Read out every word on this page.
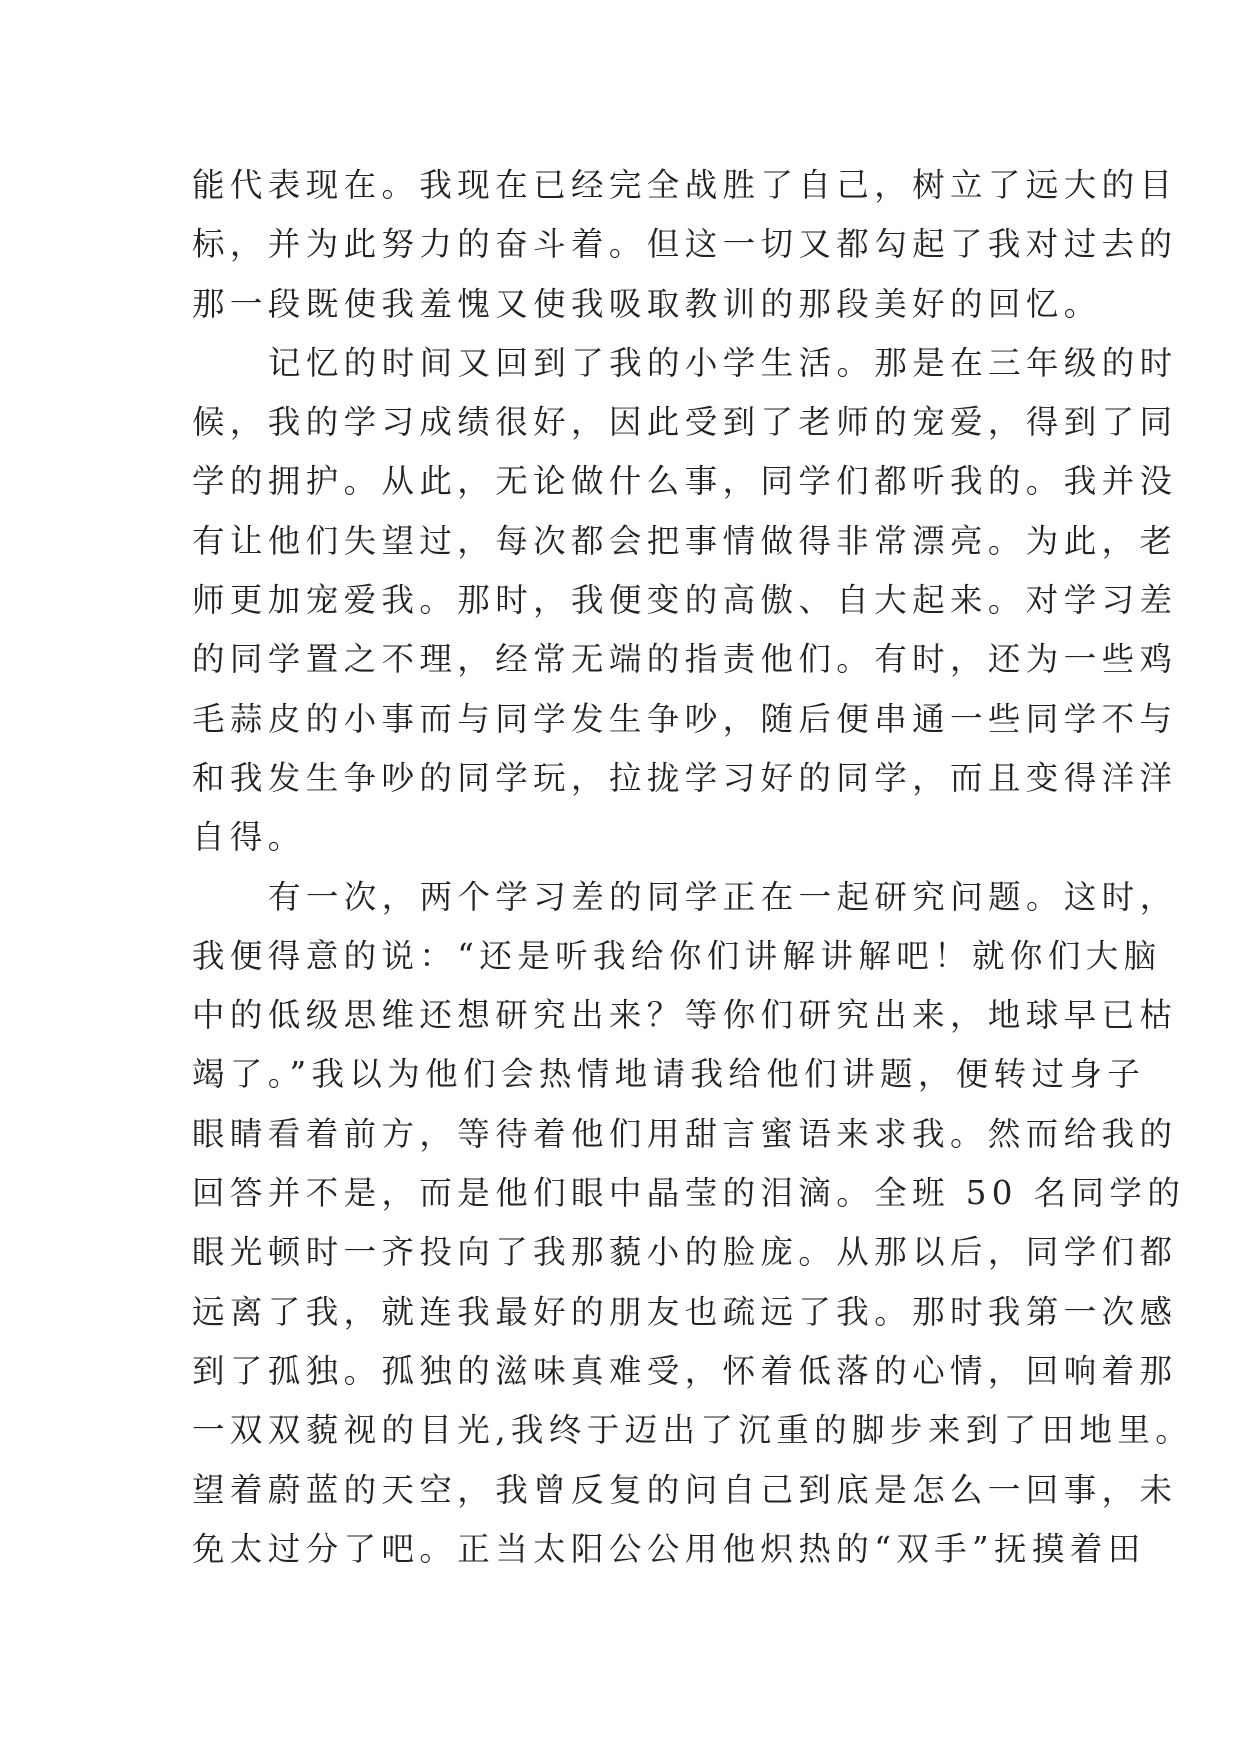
能代表现在。我现在已经完全战胜了自己，树立了远大的目
标，并为此努力的奋斗着。但这一切又都勾起了我对过去的
那一段既使我羞愧又使我吸取教训的那段美好的回忆。
记忆的时间又回到了我的小学生活。那是在三年级的时
候，我的学习成绩很好，因此受到了老师的宠爱，得到了同
学的拥护。从此，无论做什么事，同学们都听我的。我并没
有让他们失望过，每次都会把事情做得非常漂亮。为此，老
师更加宠爱我。那时，我便变的高傲、自大起来。对学习差
的同学置之不理，经常无端的指责他们。有时，还为一些鸡
毛蒜皮的小事而与同学发生争吵，随后便串通一些同学不与
和我发生争吵的同学玩，拉拢学习好的同学，而且变得洋洋
自得。
有一次，两个学习差的同学正在一起研究问题。这时，
我便得意的说：“还是听我给你们讲解讲解吧！就你们大脑
中的低级思维还想研究出来？等你们研究出来，地球早已枯
竭了。”我以为他们会热情地请我给他们讲题，便转过身子
眼睛看着前方，等待着他们用甜言蜜语来求我。然而给我的
回答并不是，而是他们眼中晶莹的泪滴。全班 50 名同学的
眼光顿时一齐投向了我那藐小的脸庞。从那以后，同学们都
远离了我，就连我最好的朋友也疏远了我。那时我第一次感
到了孤独。孤独的滋味真难受，怀着低落的心情，回响着那
一双双藐视的目光,我终于迈出了沉重的脚步来到了田地里。
望着蔚蓝的天空，我曾反复的问自己到底是怎么一回事，未
免太过分了吧。正当太阳公公用他炽热的“双手”抚摸着田
